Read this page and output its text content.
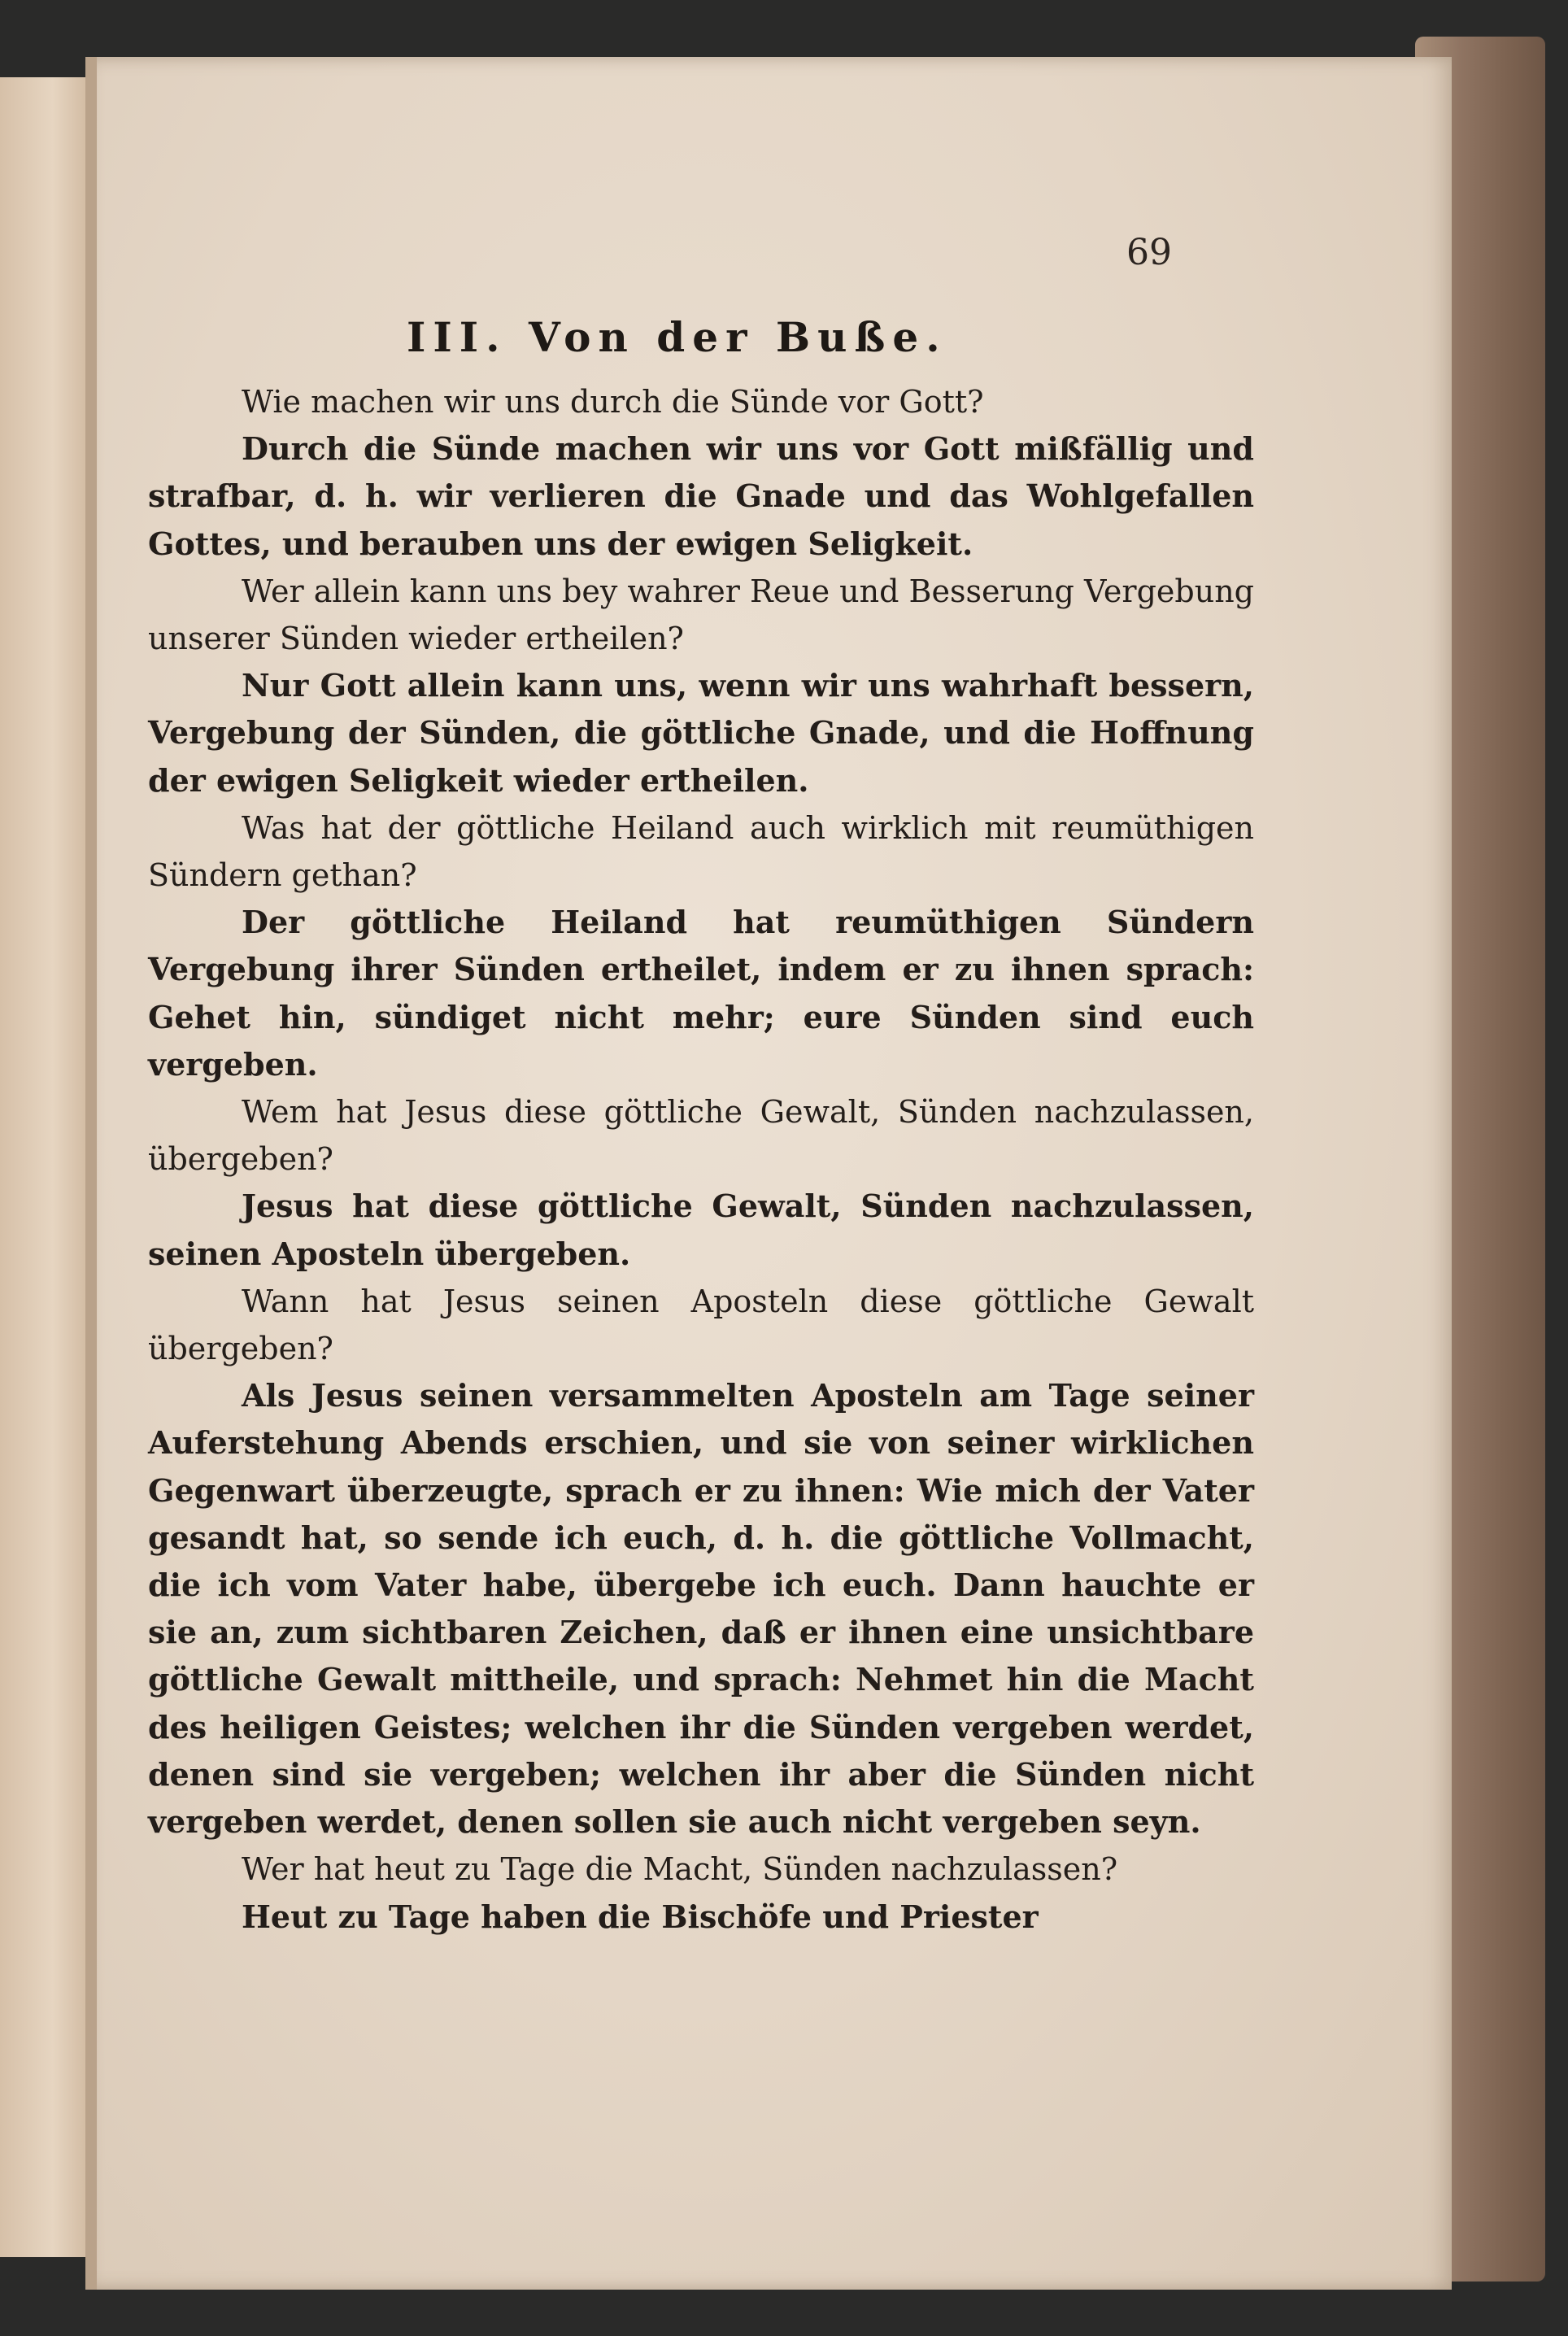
69
III. Von der Buße.

Wie machen wir uns durch die Sünde vor Gott?

Durch die Sünde machen wir uns vor Gott mißfällig und strafbar, d. h. wir verlieren die Gnade und das Wohlgefallen Gottes, und berauben uns der ewigen Seligkeit.

Wer allein kann uns bey wahrer Reue und Besserung Vergebung unserer Sünden wieder ertheilen?

Nur Gott allein kann uns, wenn wir uns wahrhaft bessern, Vergebung der Sünden, die göttliche Gnade, und die Hoffnung der ewigen Seligkeit wieder ertheilen.

Was hat der göttliche Heiland auch wirklich mit reumüthigen Sündern gethan?

Der göttliche Heiland hat reumüthigen Sündern Vergebung ihrer Sünden ertheilet, indem er zu ihnen sprach: Gehet hin, sündiget nicht mehr; eure Sünden sind euch vergeben.

Wem hat Jesus diese göttliche Gewalt, Sünden nachzulassen, übergeben?

Jesus hat diese göttliche Gewalt, Sünden nachzulassen, seinen Aposteln übergeben.

Wann hat Jesus seinen Aposteln diese göttliche Gewalt übergeben?

Als Jesus seinen versammelten Aposteln am Tage seiner Auferstehung Abends erschien, und sie von seiner wirklichen Gegenwart überzeugte, sprach er zu ihnen: Wie mich der Vater gesandt hat, so sende ich euch, d. h. die göttliche Vollmacht, die ich vom Vater habe, übergebe ich euch. Dann hauchte er sie an, zum sichtbaren Zeichen, daß er ihnen eine unsichtbare göttliche Gewalt mittheile, und sprach: Nehmet hin die Macht des heiligen Geistes; welchen ihr die Sünden vergeben werdet, denen sind sie vergeben; welchen ihr aber die Sünden nicht vergeben werdet, denen sollen sie auch nicht vergeben seyn.

Wer hat heut zu Tage die Macht, Sünden nachzulassen?

Heut zu Tage haben die Bischöfe und Priester
